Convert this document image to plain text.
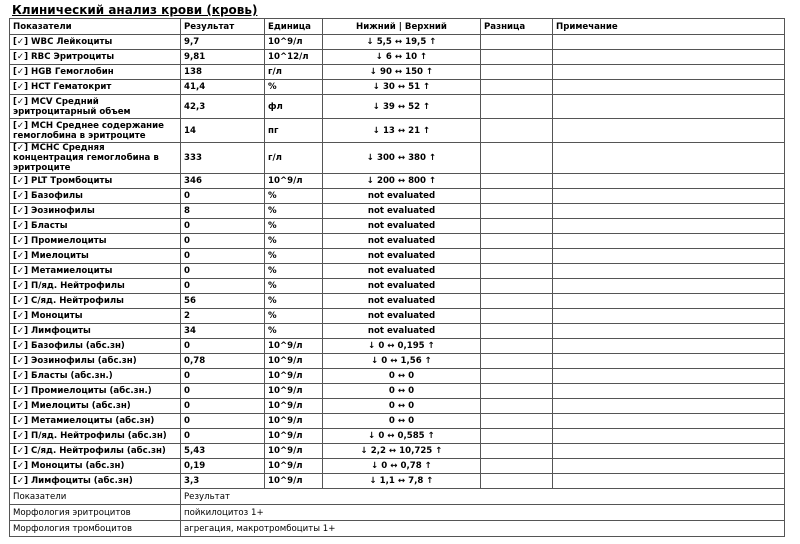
Клинический анализ крови (кровь)
Показатели	Результат	Единица	Нижний | Верхний	Разница	Примечание
[✓] WBC Лейкоциты	9,7	10^9/л	↓ 5,5 ↔ 19,5 ↑		
[✓] RBC Эритроциты	9,81	10^12/л	↓ 6 ↔ 10 ↑		
[✓] HGB Гемоглобин	138	г/л	↓ 90 ↔ 150 ↑		
[✓] HCT Гематокрит	41,4	%	↓ 30 ↔ 51 ↑		
[✓] MCV Средний эритроцитарный объем	42,3	фл	↓ 39 ↔ 52 ↑		
[✓] MCH Среднее содержание гемоглобина в эритроците	14	пг	↓ 13 ↔ 21 ↑		
[✓] MCHC Средняя концентрация гемоглобина в эритроците	333	г/л	↓ 300 ↔ 380 ↑		
[✓] PLT Тромбоциты	346	10^9/л	↓ 200 ↔ 800 ↑		
[✓] Базофилы	0	%	not evaluated		
[✓] Эозинофилы	8	%	not evaluated		
[✓] Бласты	0	%	not evaluated		
[✓] Промиелоциты	0	%	not evaluated		
[✓] Миелоциты	0	%	not evaluated		
[✓] Метамиелоциты	0	%	not evaluated		
[✓] П/яд. Нейтрофилы	0	%	not evaluated		
[✓] С/яд. Нейтрофилы	56	%	not evaluated		
[✓] Моноциты	2	%	not evaluated		
[✓] Лимфоциты	34	%	not evaluated		
[✓] Базофилы (абс.зн)	0	10^9/л	↓ 0 ↔ 0,195 ↑		
[✓] Эозинофилы (абс.зн)	0,78	10^9/л	↓ 0 ↔ 1,56 ↑		
[✓] Бласты (абс.зн.)	0	10^9/л	0 ↔ 0		
[✓] Промиелоциты (абс.зн.)	0	10^9/л	0 ↔ 0		
[✓] Миелоциты (абс.зн)	0	10^9/л	0 ↔ 0		
[✓] Метамиелоциты (абс.зн)	0	10^9/л	0 ↔ 0		
[✓] П/яд. Нейтрофилы (абс.зн)	0	10^9/л	↓ 0 ↔ 0,585 ↑		
[✓] С/яд. Нейтрофилы (абс.зн)	5,43	10^9/л	↓ 2,2 ↔ 10,725 ↑		
[✓] Моноциты (абс.зн)	0,19	10^9/л	↓ 0 ↔ 0,78 ↑		
[✓] Лимфоциты (абс.зн)	3,3	10^9/л	↓ 1,1 ↔ 7,8 ↑		
Показатели	Результат				
Морфология эритроцитов	пойкилоцитоз 1+				
Морфология тромбоцитов	агрегация, макротромбоциты 1+				
